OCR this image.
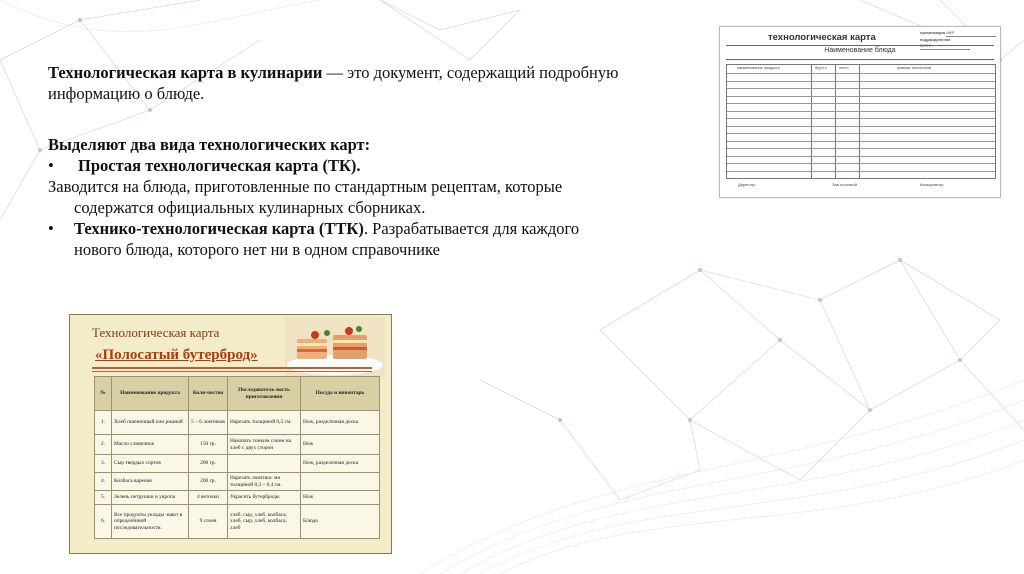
Технологическая карта в кулинарии — это документ, содержащий подробную информацию о блюде.

Выделяют два вида технологических карт:

•	Простая технологическая карта (ТК).

Заводится на блюда, приготовленные по стандартным рецептам, которые

содержатся официальных кулинарных сборниках.

•	Технико-технологическая карта (ТТК). Разрабатывается для каждого

нового блюда, которого нет ни в одном справочнике

технологическая карта	организация МКР
подразделение МПТК
Наименование блюда
наименование продукта	брутто	нетто	краткая технология
Директор	Зав столовой	Калькулятор
Технологическая карта
«Полосатый бутерброд»
№	Наименование продукта	Коли-чество	Последователь-ность приготовления	Посуда и инвентарь
1.	Хлеб пшеничный или ржаной	5 – 6 ломтиков	Нарезать толщиной 0,5 см.	Нож, разделочная доска
2.	Масло сливочное	150 гр.	Намазать тонким слоем на хлеб с двух сторон	Нож
3.	Сыр твердых сортов	200 гр.		Нож, разделочная доска
4.	Колбаса вареная	200 гр.	Нарезать ломтика- ми толщиной 0,3 – 0,4 см.	
5.	Зелень петрушки и укропа	4 веточки	Украсить бутерброды	Нож
6.	Все продукты уклады -вают в определённой последовательности.	9 слоев	хлеб, сыр, хлеб, колбаса, хлеб, сыр, хлеб, колбаса, хлеб	Блюдо
